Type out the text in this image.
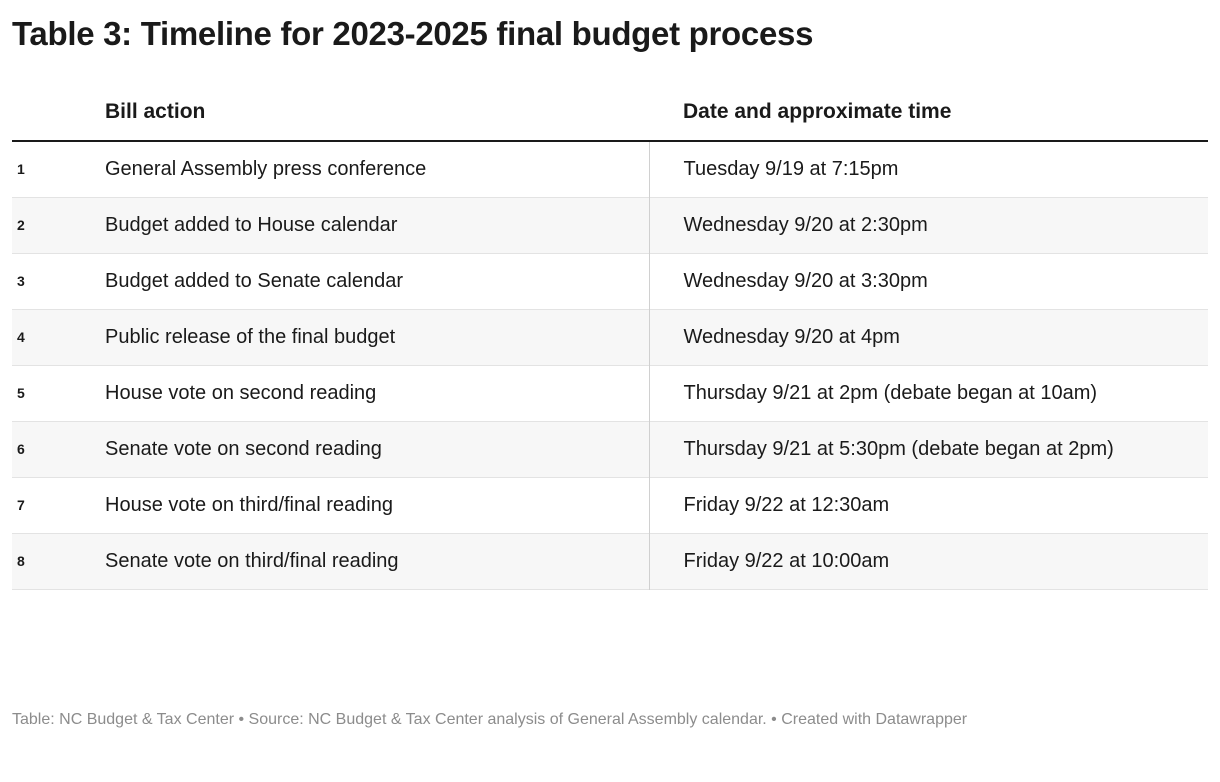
Table 3: Timeline for 2023-2025 final budget process
	Bill action	Date and approximate time
1	General Assembly press conference	Tuesday 9/19 at 7:15pm
2	Budget added to House calendar	Wednesday 9/20 at 2:30pm
3	Budget added to Senate calendar	Wednesday 9/20 at 3:30pm
4	Public release of the final budget	Wednesday 9/20 at 4pm
5	House vote on second reading	Thursday 9/21 at 2pm (debate began at 10am)
6	Senate vote on second reading	Thursday 9/21 at 5:30pm (debate began at 2pm)
7	House vote on third/final reading	Friday 9/22 at 12:30am
8	Senate vote on third/final reading	Friday 9/22 at 10:00am
Table: NC Budget & Tax Center • Source: NC Budget & Tax Center analysis of General Assembly calendar. • Created with Datawrapper
